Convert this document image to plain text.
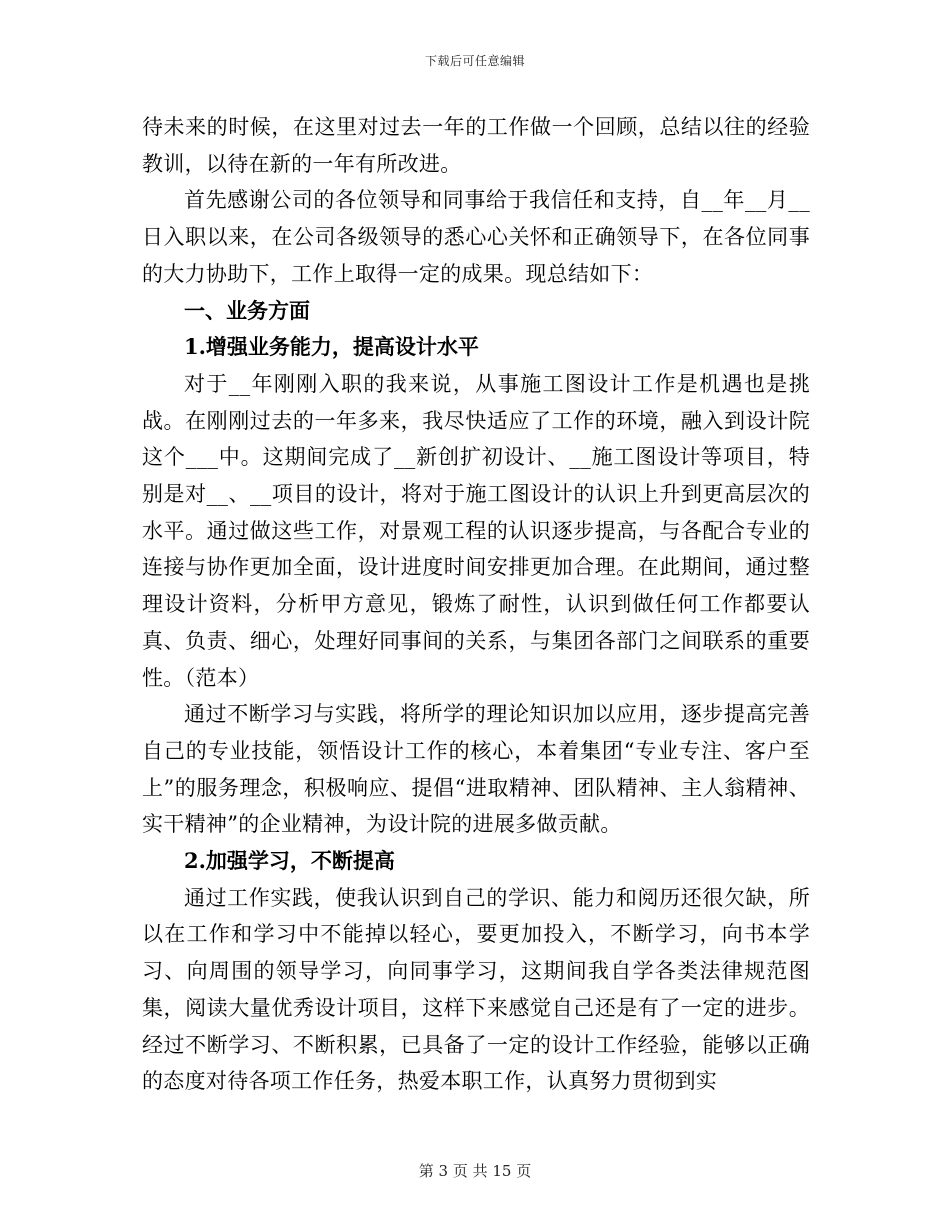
下载后可任意编辑

待未来的时候，在这里对过去一年的工作做一个回顾，总结以往的经验教训，以待在新的一年有所改进。

首先感谢公司的各位领导和同事给于我信任和支持，自__年__月__日入职以来，在公司各级领导的悉心心关怀和正确领导下，在各位同事的大力协助下，工作上取得一定的成果。现总结如下：

一、业务方面

1.增强业务能力，提高设计水平

对于__年刚刚入职的我来说，从事施工图设计工作是机遇也是挑战。在刚刚过去的一年多来，我尽快适应了工作的环境，融入到设计院这个___中。这期间完成了__新创扩初设计、__施工图设计等项目，特别是对__、__项目的设计，将对于施工图设计的认识上升到更高层次的水平。通过做这些工作，对景观工程的认识逐步提高，与各配合专业的连接与协作更加全面，设计进度时间安排更加合理。在此期间，通过整理设计资料，分析甲方意见，锻炼了耐性，认识到做任何工作都要认真、负责、细心，处理好同事间的关系，与集团各部门之间联系的重要性。（范本）

通过不断学习与实践，将所学的理论知识加以应用，逐步提高完善自己的专业技能，领悟设计工作的核心，本着集团“专业专注、客户至上”的服务理念，积极响应、提倡“进取精神、团队精神、主人翁精神、实干精神”的企业精神，为设计院的进展多做贡献。

2.加强学习，不断提高

通过工作实践，使我认识到自己的学识、能力和阅历还很欠缺，所以在工作和学习中不能掉以轻心，要更加投入，不断学习，向书本学习、向周围的领导学习，向同事学习，这期间我自学各类法律规范图集，阅读大量优秀设计项目，这样下来感觉自己还是有了一定的进步。经过不断学习、不断积累，已具备了一定的设计工作经验，能够以正确的态度对待各项工作任务，热爱本职工作，认真努力贯彻到实

第 3 页 共 15 页
